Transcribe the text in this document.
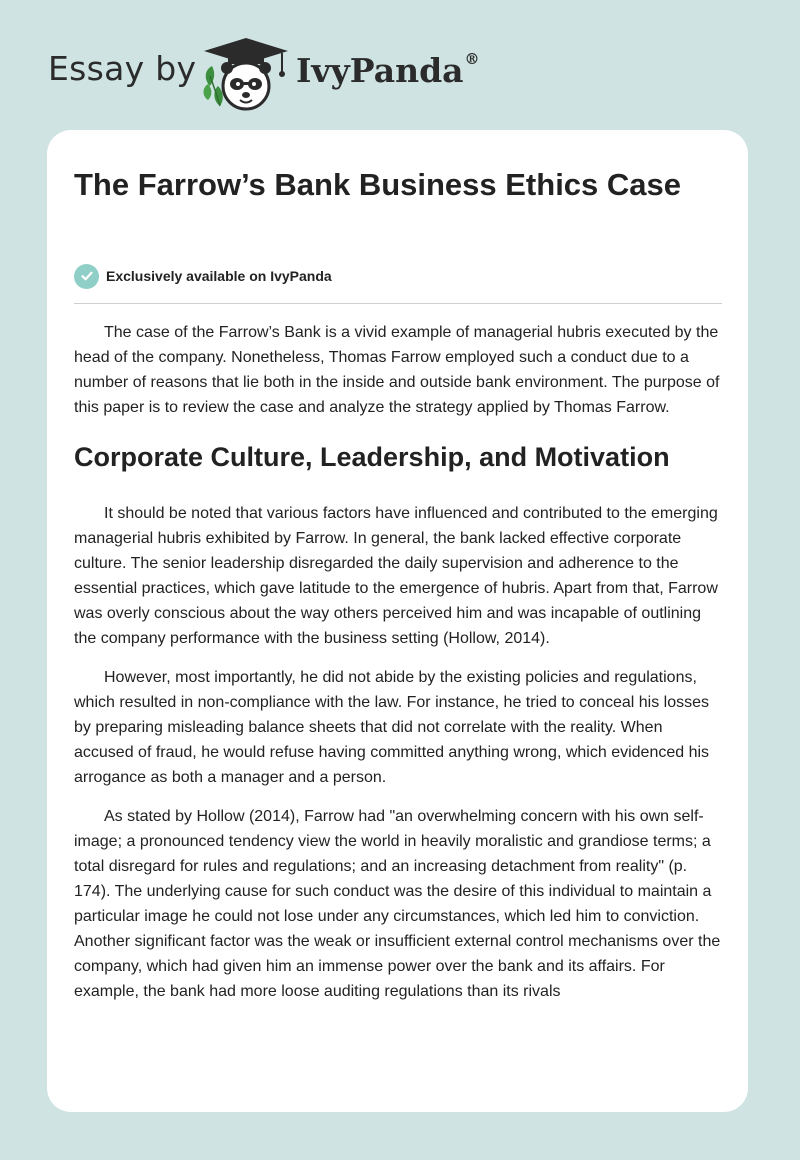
Essay by	IvyPanda®
The Farrow’s Bank Business Ethics Case
Exclusively available on IvyPanda

The case of the Farrow’s Bank is a vivid example of managerial hubris executed by the head of the company. Nonetheless, Thomas Farrow employed such a conduct due to a number of reasons that lie both in the inside and outside bank environment. The purpose of this paper is to review the case and analyze the strategy applied by Thomas Farrow.

Corporate Culture, Leadership, and Motivation

It should be noted that various factors have influenced and contributed to the emerging managerial hubris exhibited by Farrow. In general, the bank lacked effective corporate culture. The senior leadership disregarded the daily supervision and adherence to the essential practices, which gave latitude to the emergence of hubris. Apart from that, Farrow was overly conscious about the way others perceived him and was incapable of outlining the company performance with the business setting (Hollow, 2014).

However, most importantly, he did not abide by the existing policies and regulations, which resulted in non-compliance with the law. For instance, he tried to conceal his losses by preparing misleading balance sheets that did not correlate with the reality. When accused of fraud, he would refuse having committed anything wrong, which evidenced his arrogance as both a manager and a person.

As stated by Hollow (2014), Farrow had "an overwhelming concern with his own self-image; a pronounced tendency view the world in heavily moralistic and grandiose terms; a total disregard for rules and regulations; and an increasing detachment from reality" (p. 174). The underlying cause for such conduct was the desire of this individual to maintain a particular image he could not lose under any circumstances, which led him to conviction. Another significant factor was the weak or insufficient external control mechanisms over the company, which had given him an immense power over the bank and its affairs. For example, the bank had more loose auditing regulations than its rivals
